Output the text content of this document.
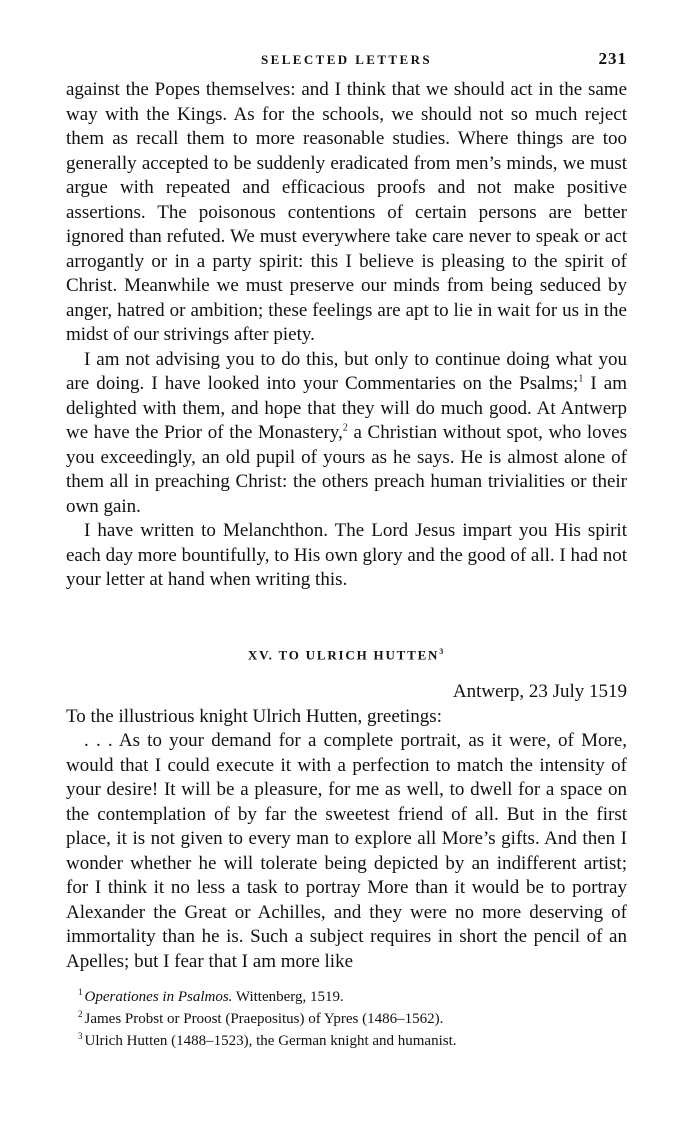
SELECTED LETTERS	231

against the Popes themselves: and I think that we should act in the same way with the Kings. As for the schools, we should not so much reject them as recall them to more reasonable studies. Where things are too generally accepted to be suddenly eradicated from men’s minds, we must argue with repeated and efficacious proofs and not make positive assertions. The poisonous contentions of certain persons are better ignored than refuted. We must everywhere take care never to speak or act arrogantly or in a party spirit: this I believe is pleasing to the spirit of Christ. Meanwhile we must preserve our minds from being seduced by anger, hatred or ambition; these feelings are apt to lie in wait for us in the midst of our strivings after piety.

I am not advising you to do this, but only to continue doing what you are doing. I have looked into your Commentaries on the Psalms;$^1$ I am delighted with them, and hope that they will do much good. At Antwerp we have the Prior of the Monastery,$^2$ a Christian without spot, who loves you exceedingly, an old pupil of yours as he says. He is almost alone of them all in preaching Christ: the others preach human trivialities or their own gain.

I have written to Melanchthon. The Lord Jesus impart you His spirit each day more bountifully, to His own glory and the good of all. I had not your letter at hand when writing this.

XV. TO ULRICH HUTTEN$^3$
Antwerp, 23 July 1519

To the illustrious knight Ulrich Hutten, greetings:

. . . As to your demand for a complete portrait, as it were, of More, would that I could execute it with a perfection to match the intensity of your desire! It will be a pleasure, for me as well, to dwell for a space on the contemplation of by far the sweetest friend of all. But in the first place, it is not given to every man to explore all More’s gifts. And then I wonder whether he will tolerate being depicted by an indifferent artist; for I think it no less a task to portray More than it would be to portray Alexander the Great or Achilles, and they were no more deserving of immortality than he is. Such a subject requires in short the pencil of an Apelles; but I fear that I am more like

$^1$ Operationes in Psalmos. Wittenberg, 1519.
$^2$ James Probst or Proost (Praepositus) of Ypres (1486–1562).
$^3$ Ulrich Hutten (1488–1523), the German knight and humanist.
